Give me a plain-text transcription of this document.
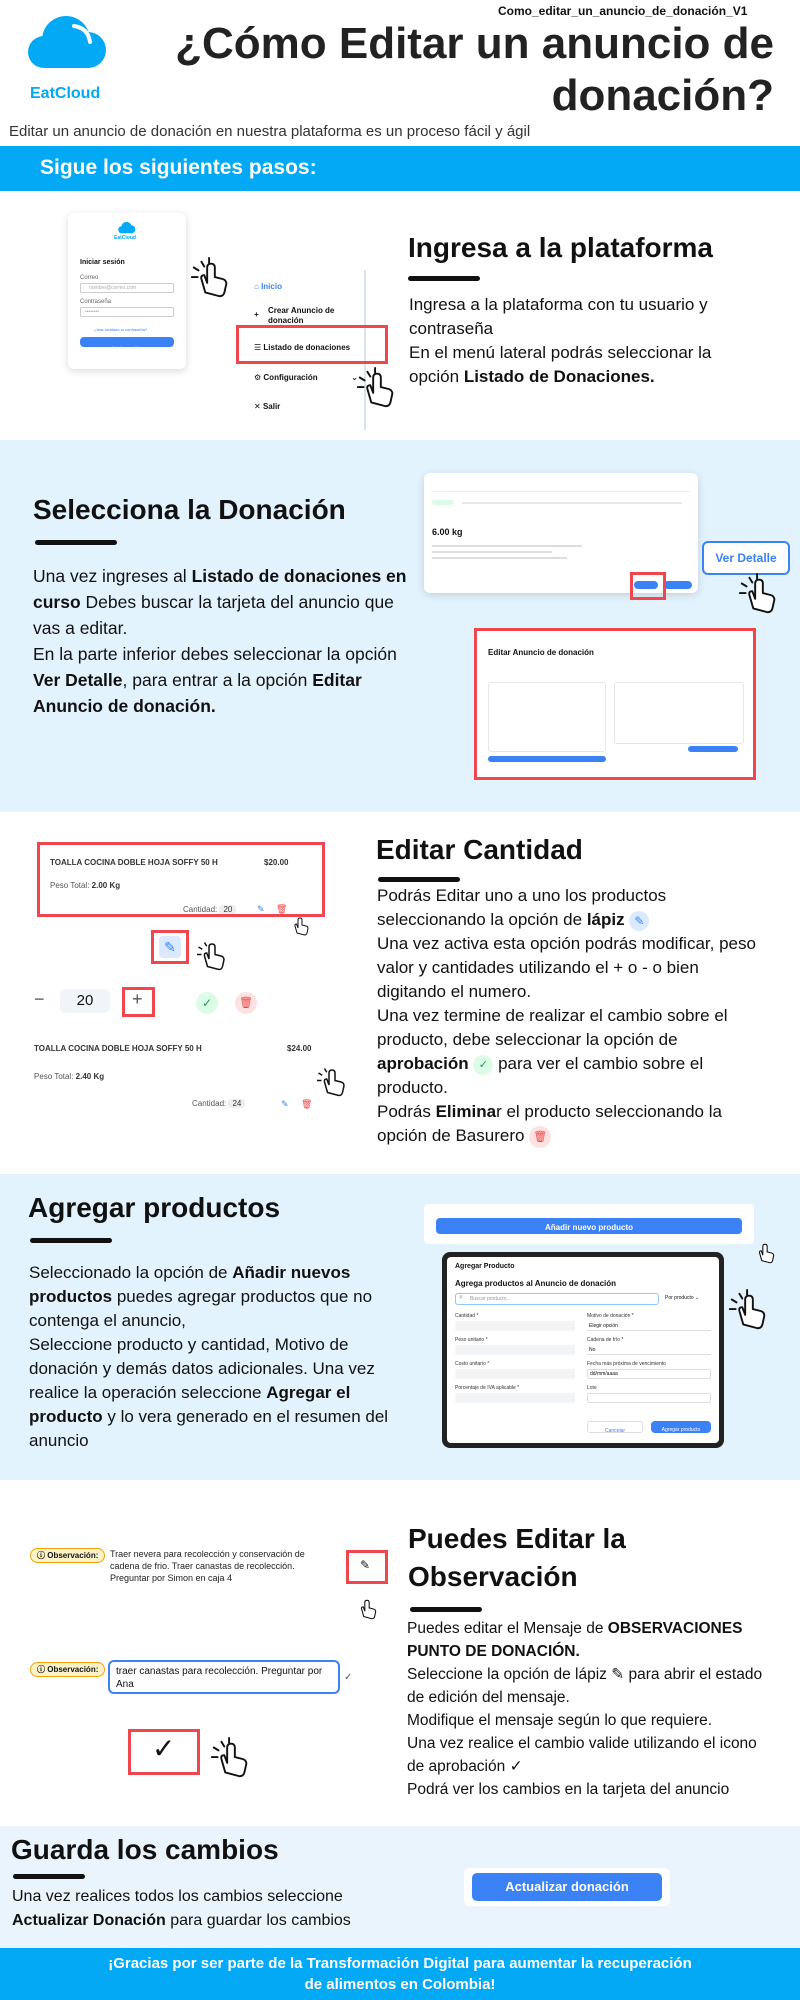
Como_editar_un_anuncio_de_donación_V1
EatCloud
¿Cómo Editar un anuncio de
donación?
Editar un anuncio de donación en nuestra plataforma es un proceso fácil y ágil
Sigue los siguientes pasos:
EatCloud
Iniciar sesión
Correo
nombre@correo.com
Contraseña
••••••••
¿Has olvidado tu contraseña?
Iniciar sesión
⌂ Inicio
+ Crear Anuncio de donación
☰ Listado de donaciones
⚙ Configuración	⌄
✕ Salir
Ingresa a la plataforma
Ingresa a la plataforma con tu usuario y contraseña
En el menú lateral podrás seleccionar la opción Listado de Donaciones.
Selecciona la Donación
Una vez ingreses al Listado de donaciones en curso Debes buscar la tarjeta del anuncio que vas a editar.
En la parte inferior debes seleccionar la opción Ver Detalle, para entrar a la opción Editar Anuncio de donación.
6.00 kg
Ver Detalle
Editar Anuncio de donación
TOALLA COCINA DOBLE HOJA SOFFY 50 H	$20.00
Peso Total: 2.00 Kg
Cantidad: 20	✎ 🗑
✎
−	20	+	✓	🗑
TOALLA COCINA DOBLE HOJA SOFFY 50 H	$24.00
Peso Total: 2.40 Kg
Cantidad: 24	✎ 🗑
Editar Cantidad
Podrás Editar uno a uno los productos seleccionando la opción de lápiz ✎
Una vez activa esta opción podrás modificar, peso valor y cantidades utilizando el + o - o bien digitando el numero.
Una vez termine de realizar el cambio sobre el producto, debe seleccionar la opción de aprobación ✓ para ver el cambio sobre el producto.
Podrás Eliminar el producto seleccionando la opción de Basurero 🗑
Agregar productos
Seleccionado la opción de Añadir nuevos productos puedes agregar productos que no contenga el anuncio,
Seleccione producto y cantidad, Motivo de donación y demás datos adicionales. Una vez realice la operación seleccione Agregar el producto y lo vera generado en el resumen del anuncio
Añadir nuevo producto
Agregar Producto
Agrega productos al Anuncio de donación
⌕ Buscar producto...	Por producto ⌄
Cantidad *	Motivo de donación *
Elegir opción
Peso unitario *	Cadena de frío *
No
Costo unitario *	Fecha más próxima de vencimiento
dd/mm/aaaa
Porcentaje de IVA aplicable *	Lote
Cancelar	Agregar producto
ⓘ Observación:	Traer nevera para recolección y conservación de cadena de frio. Traer canastas de recolección. Preguntar por Simon en caja 4
✎
ⓘ Observación:	traer canastas para recolección. Preguntar por Ana
✓
✓
Puedes Editar la
Observación
Puedes editar el Mensaje de OBSERVACIONES PUNTO DE DONACIÓN.
Seleccione la opción de lápiz ✎ para abrir el estado de edición del mensaje.
Modifique el mensaje según lo que requiere.
Una vez realice el cambio valide utilizando el icono de aprobación ✓
Podrá ver los cambios en la tarjeta del anuncio
Guarda los cambios
Una vez realices todos los cambios seleccione Actualizar Donación para guardar los cambios
Actualizar donación
¡Gracias por ser parte de la Transformación Digital para aumentar la recuperación
de alimentos en Colombia!
